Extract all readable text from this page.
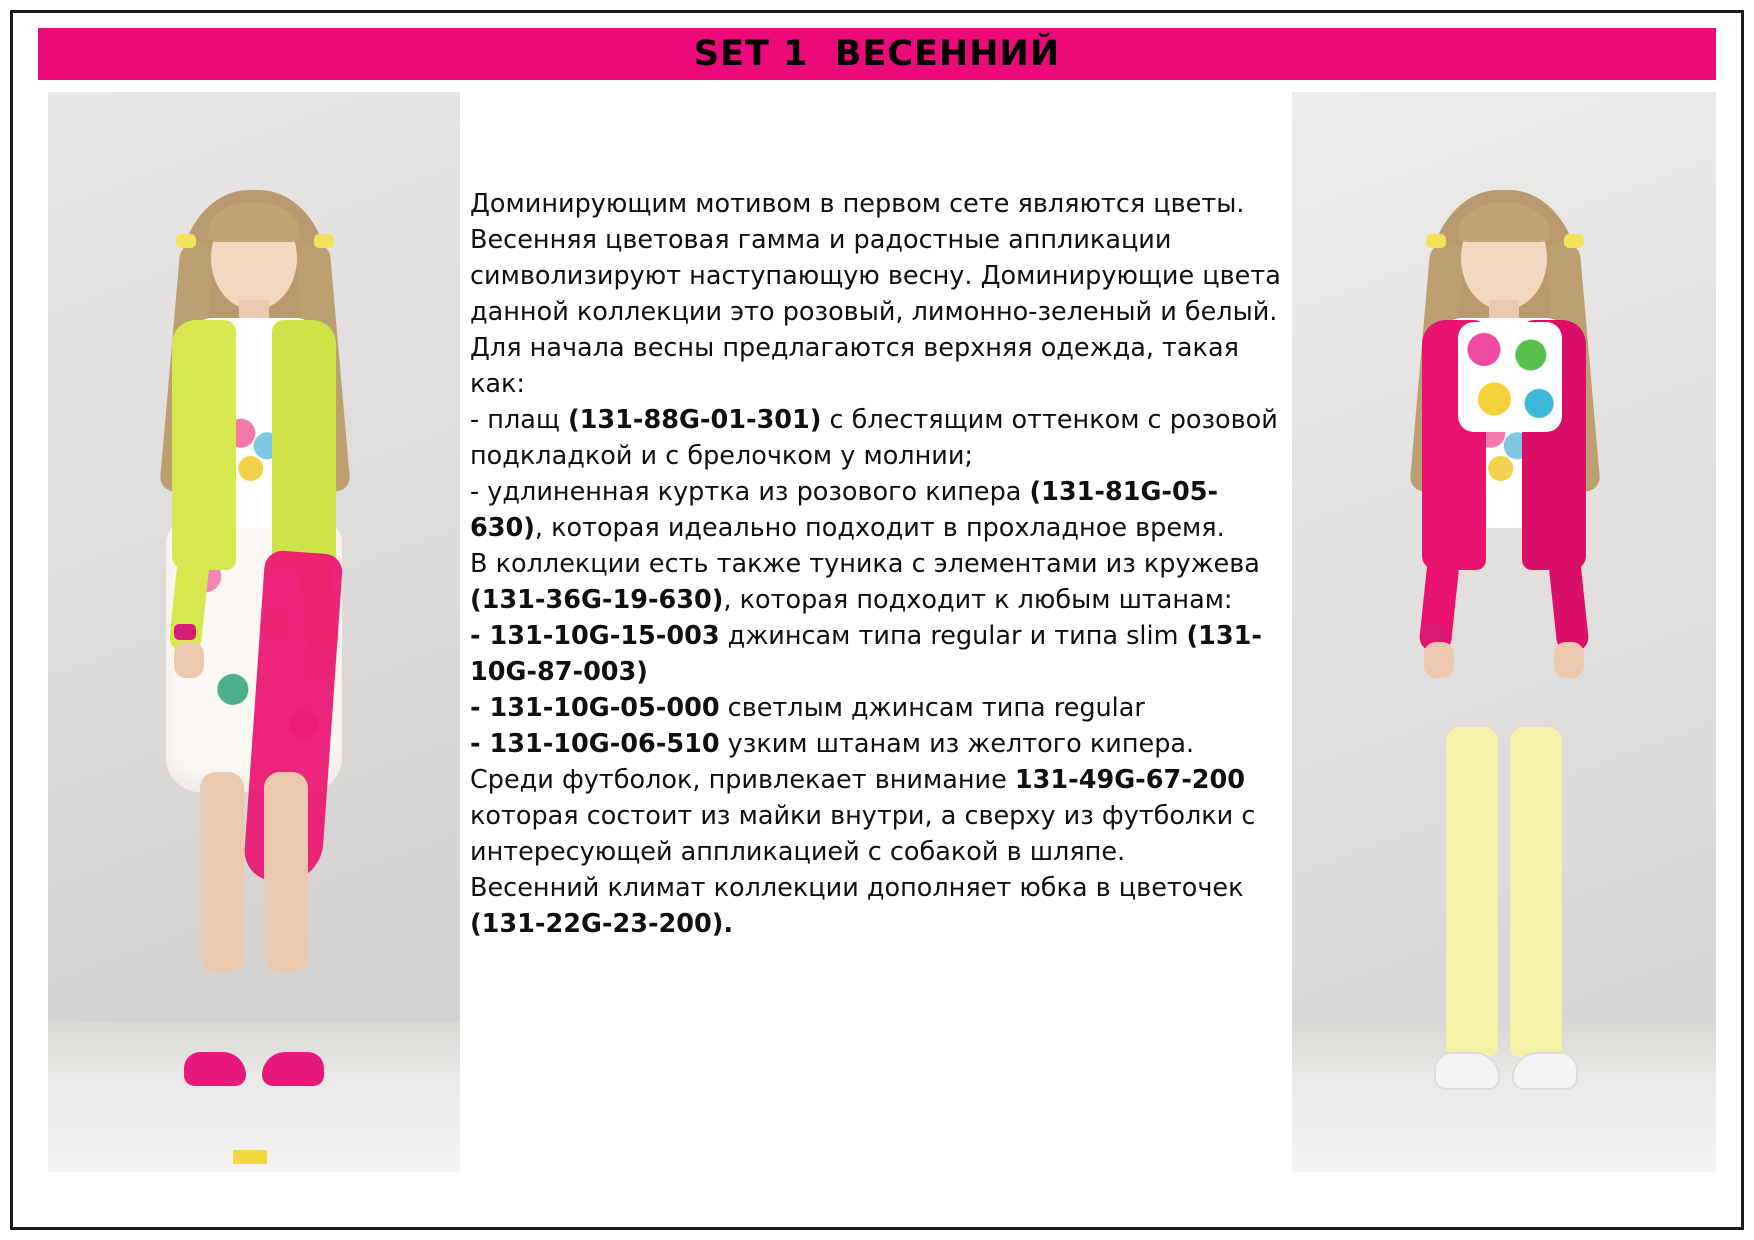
SET 1  ВЕСЕННИЙ

Доминирующим мотивом в первом сете являются цветы. Весенняя цветовая гамма и радостные аппликации символизируют наступающую весну. Доминирующие цвета данной коллекции это розовый, лимонно-зеленый и белый.

Для начала весны предлагаются верхняя одежда, такая как:

- плащ (131-88G-01-301) с блестящим оттенком с розовой подкладкой и с брелочком у молнии;

- удлиненная куртка из розового кипера (131-81G-05-630), которая идеально подходит в прохладное время.

В коллекции есть также туника с элементами из кружева (131-36G-19-630), которая подходит к любым штанам:

- 131-10G-15-003 джинсам типа regular и типа slim (131-10G-87-003)

- 131-10G-05-000 светлым джинсам типа regular

- 131-10G-06-510 узким штанам из желтого кипера.

Среди футболок, привлекает внимание 131-49G-67-200 которая состоит из майки внутри, а сверху из футболки с интересующей аппликацией с собакой в шляпе.

Весенний климат коллекции дополняет юбка в цветочек (131-22G-23-200).
